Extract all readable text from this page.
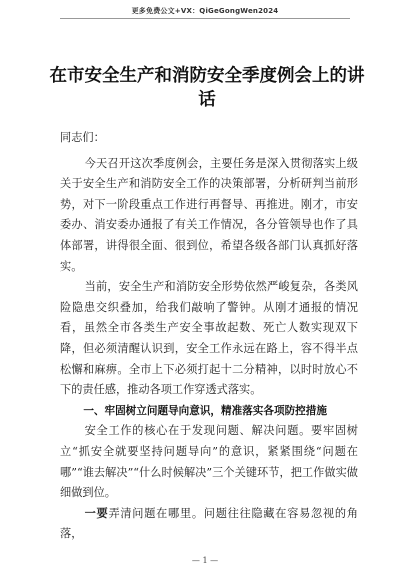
更多免费公文+VX：QiGeGongWen2024
在市安全生产和消防安全季度例会上的讲话

同志们：

今天召开这次季度例会，主要任务是深入贯彻落实上级关于安全生产和消防安全工作的决策部署，分析研判当前形势，对下一阶段重点工作进行再督导、再推进。刚才，市安委办、消安委办通报了有关工作情况，各分管领导也作了具体部署，讲得很全面、很到位，希望各级各部门认真抓好落实。

当前，安全生产和消防安全形势依然严峻复杂，各类风险隐患交织叠加，给我们敲响了警钟。从刚才通报的情况看，虽然全市各类生产安全事故起数、死亡人数实现双下降，但必须清醒认识到，安全工作永远在路上，容不得半点松懈和麻痹。全市上下必须打起十二分精神，以时时放心不下的责任感，推动各项工作穿透式落实。

一、牢固树立问题导向意识，精准落实各项防控措施

安全工作的核心在于发现问题、解决问题。要牢固树立“抓安全就要坚持问题导向”的意识，紧紧围绕“问题在哪”“谁去解决”“什么时候解决”三个关键环节，把工作做实做细做到位。

一要弄清问题在哪里。问题往往隐藏在容易忽视的角落，

— 1 —
